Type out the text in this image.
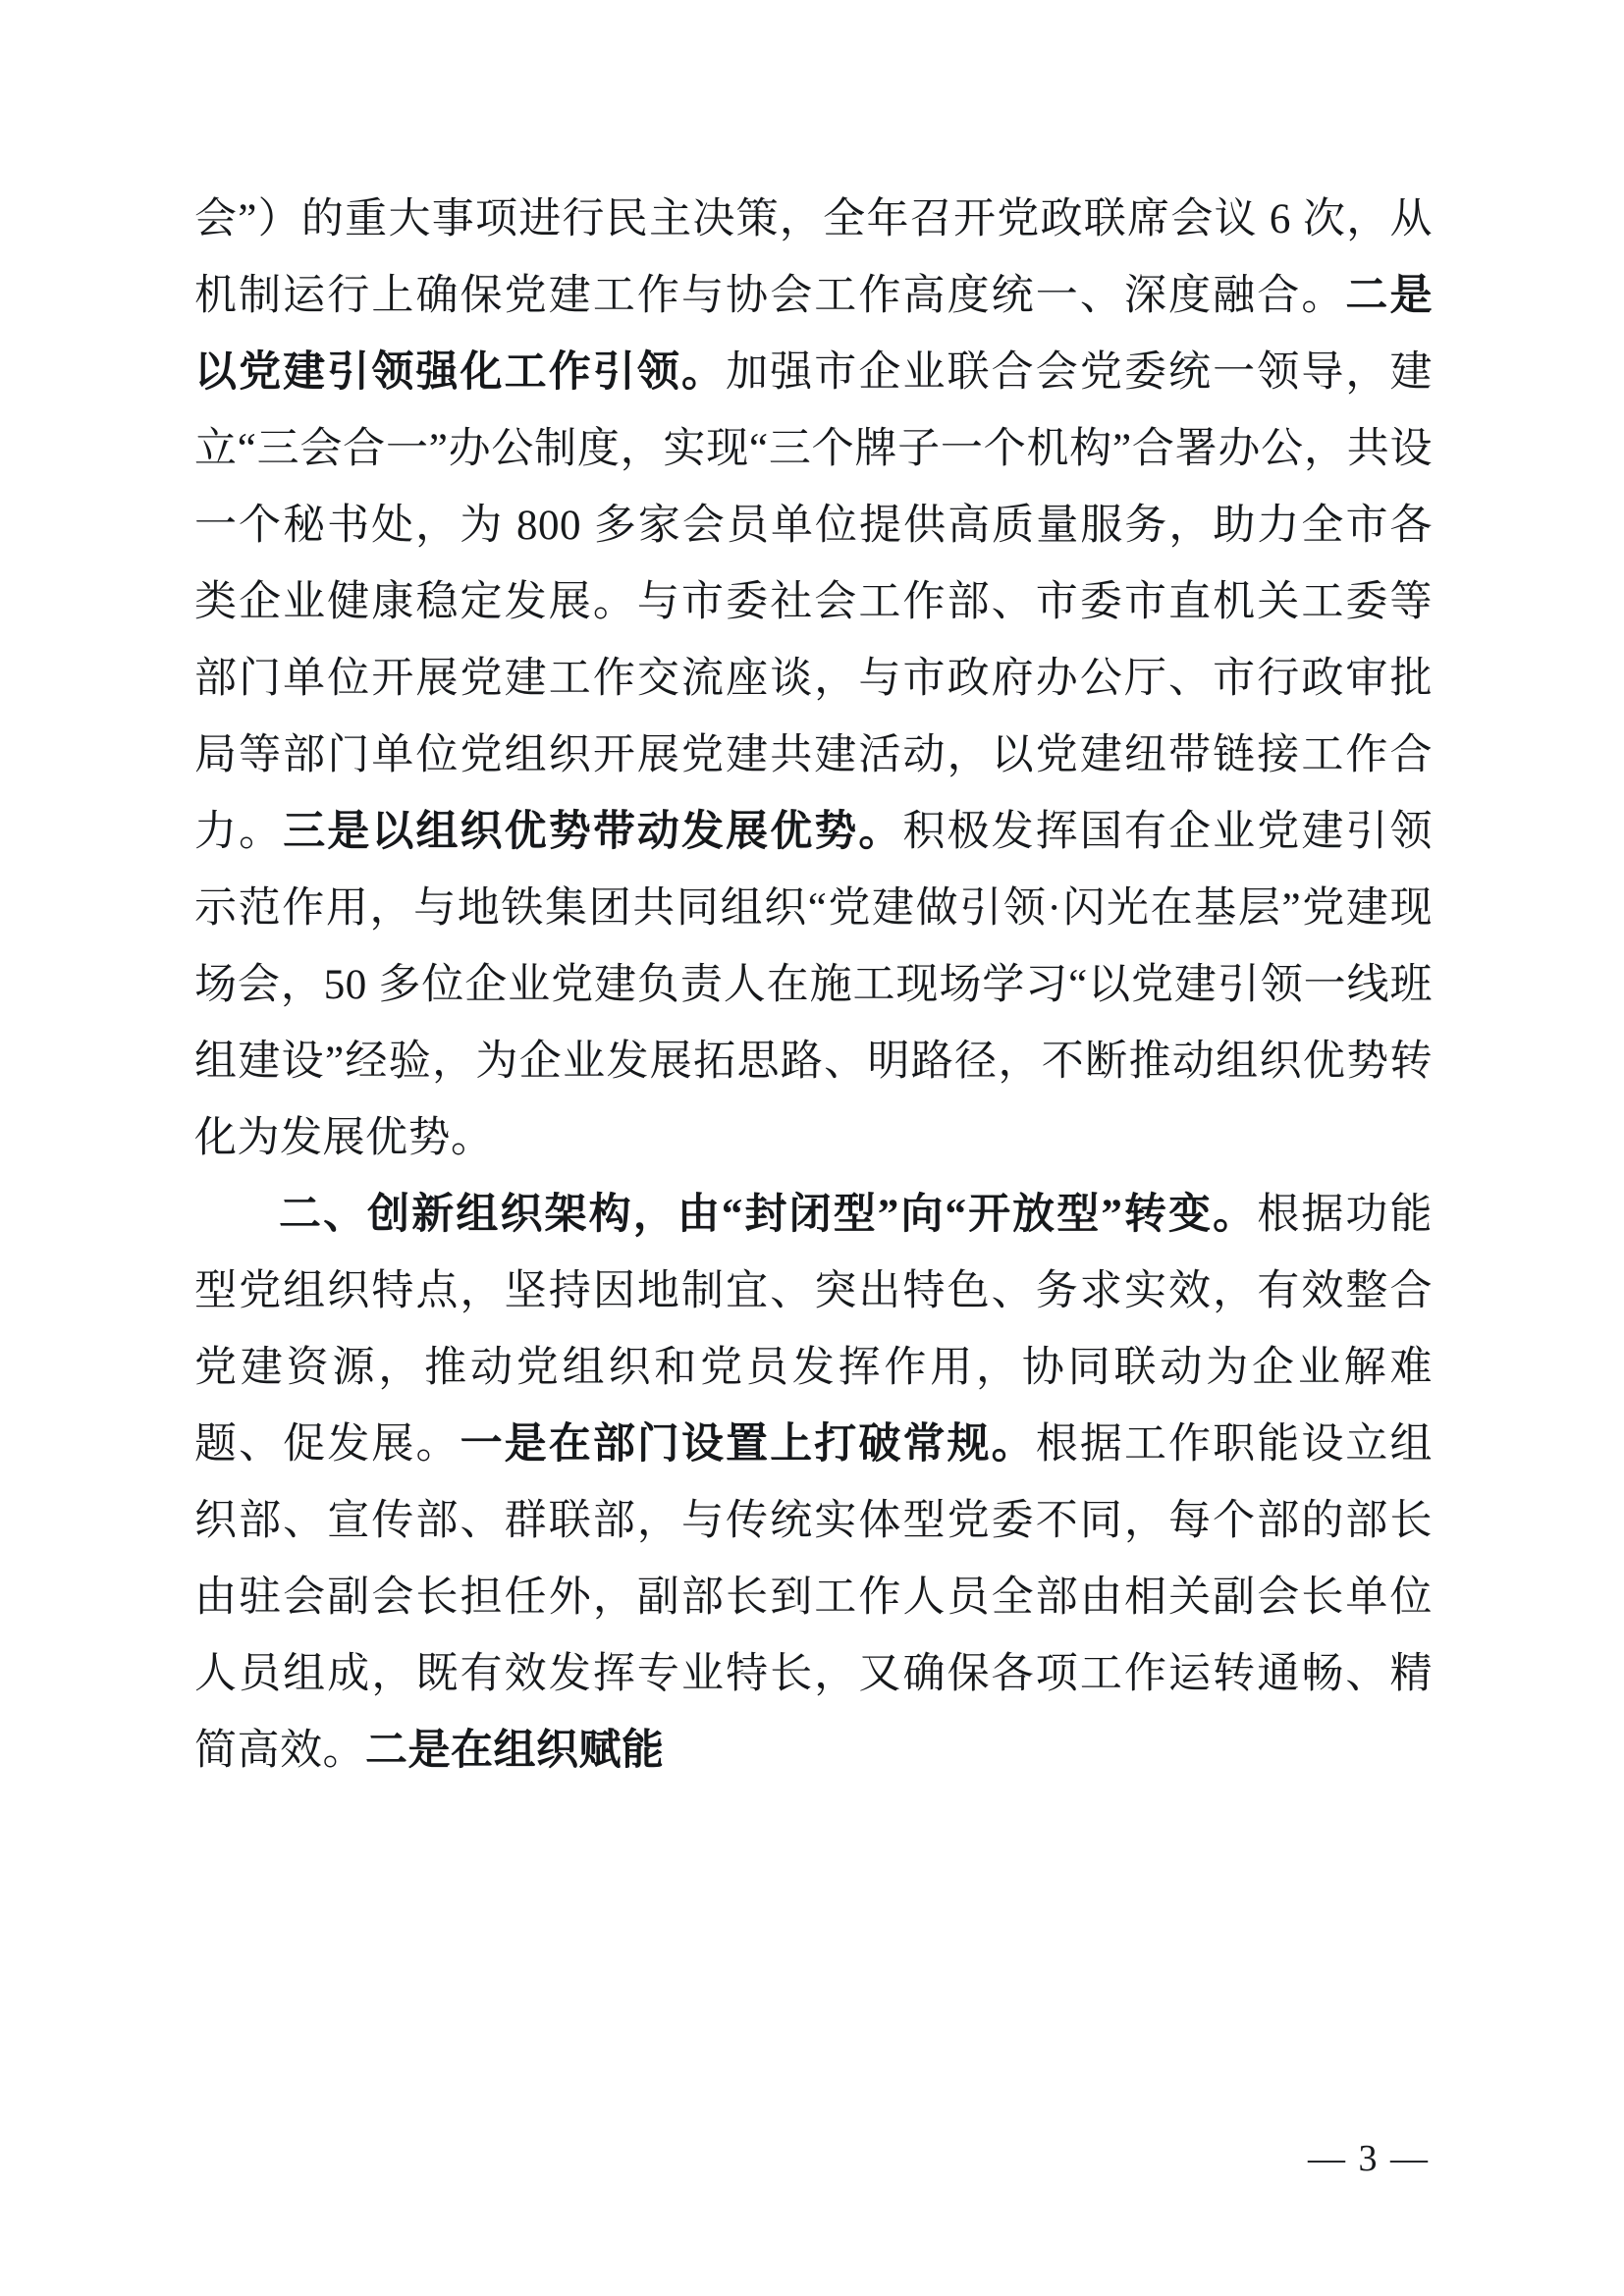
会”）的重大事项进行民主决策，全年召开党政联席会议 6 次，从机制运行上确保党建工作与协会工作高度统一、深度融合。二是以党建引领强化工作引领。加强市企业联合会党委统一领导，建立“三会合一”办公制度，实现“三个牌子一个机构”合署办公，共设一个秘书处，为 800 多家会员单位提供高质量服务，助力全市各类企业健康稳定发展。与市委社会工作部、市委市直机关工委等部门单位开展党建工作交流座谈，与市政府办公厅、市行政审批局等部门单位党组织开展党建共建活动，以党建纽带链接工作合力。三是以组织优势带动发展优势。积极发挥国有企业党建引领示范作用，与地铁集团共同组织“党建做引领·闪光在基层”党建现场会，50 多位企业党建负责人在施工现场学习“以党建引领一线班组建设”经验，为企业发展拓思路、明路径，不断推动组织优势转化为发展优势。

二、创新组织架构，由“封闭型”向“开放型”转变。根据功能型党组织特点，坚持因地制宜、突出特色、务求实效，有效整合党建资源，推动党组织和党员发挥作用，协同联动为企业解难题、促发展。一是在部门设置上打破常规。根据工作职能设立组织部、宣传部、群联部，与传统实体型党委不同，每个部的部长由驻会副会长担任外，副部长到工作人员全部由相关副会长单位人员组成，既有效发挥专业特长，又确保各项工作运转通畅、精简高效。二是在组织赋能

— 3 —
